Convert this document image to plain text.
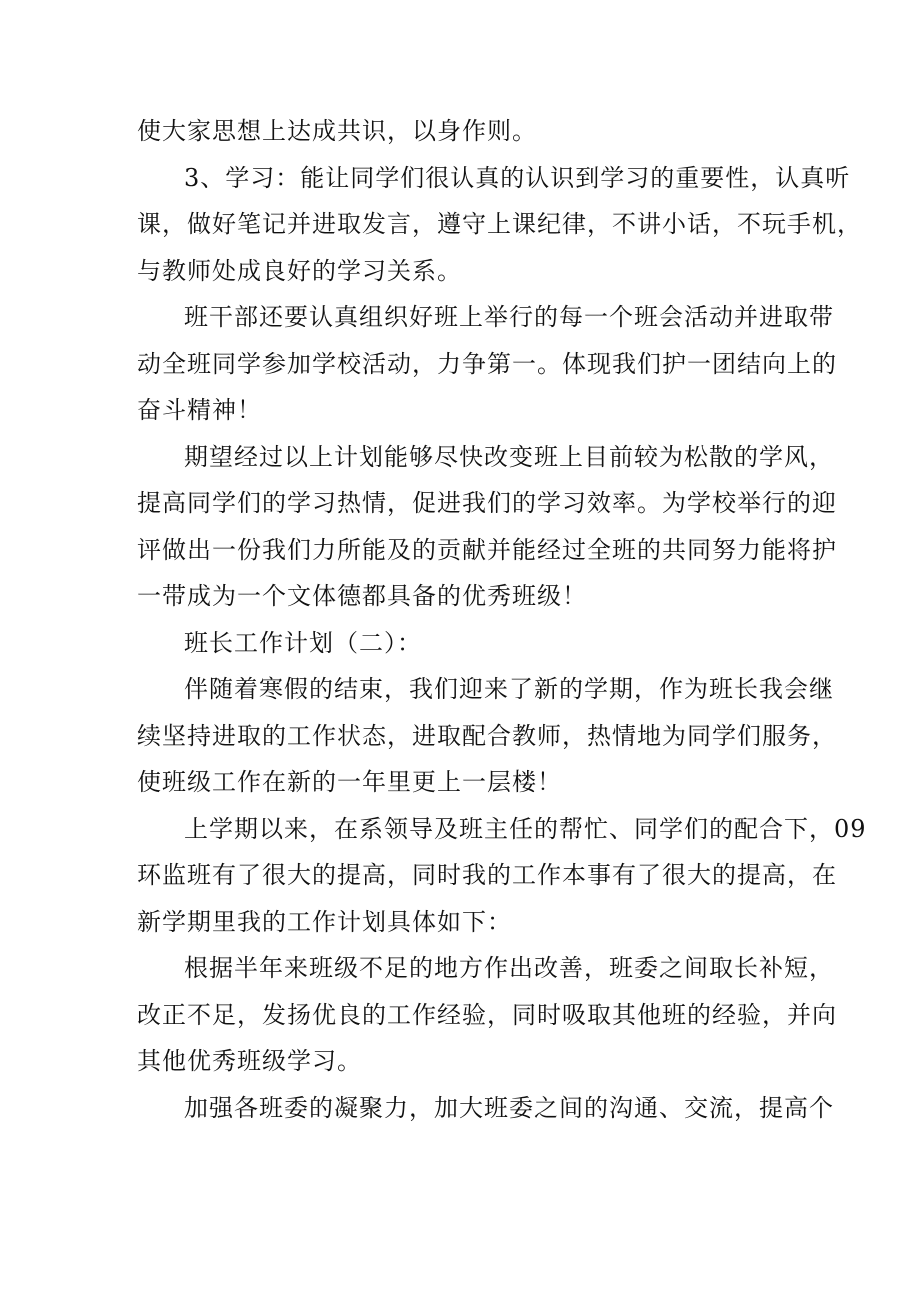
使大家思想上达成共识，以身作则。

3、学习：能让同学们很认真的认识到学习的重要性，认真听
课，做好笔记并进取发言，遵守上课纪律，不讲小话，不玩手机，
与教师处成良好的学习关系。

班干部还要认真组织好班上举行的每一个班会活动并进取带
动全班同学参加学校活动，力争第一。体现我们护一团结向上的
奋斗精神！

期望经过以上计划能够尽快改变班上目前较为松散的学风，
提高同学们的学习热情，促进我们的学习效率。为学校举行的迎
评做出一份我们力所能及的贡献并能经过全班的共同努力能将护
一带成为一个文体德都具备的优秀班级！

班长工作计划（二）：

伴随着寒假的结束，我们迎来了新的学期，作为班长我会继
续坚持进取的工作状态，进取配合教师，热情地为同学们服务，
使班级工作在新的一年里更上一层楼！

上学期以来，在系领导及班主任的帮忙、同学们的配合下，09
环监班有了很大的提高，同时我的工作本事有了很大的提高，在
新学期里我的工作计划具体如下：

根据半年来班级不足的地方作出改善，班委之间取长补短，
改正不足，发扬优良的工作经验，同时吸取其他班的经验，并向
其他优秀班级学习。

加强各班委的凝聚力，加大班委之间的沟通、交流，提高个
